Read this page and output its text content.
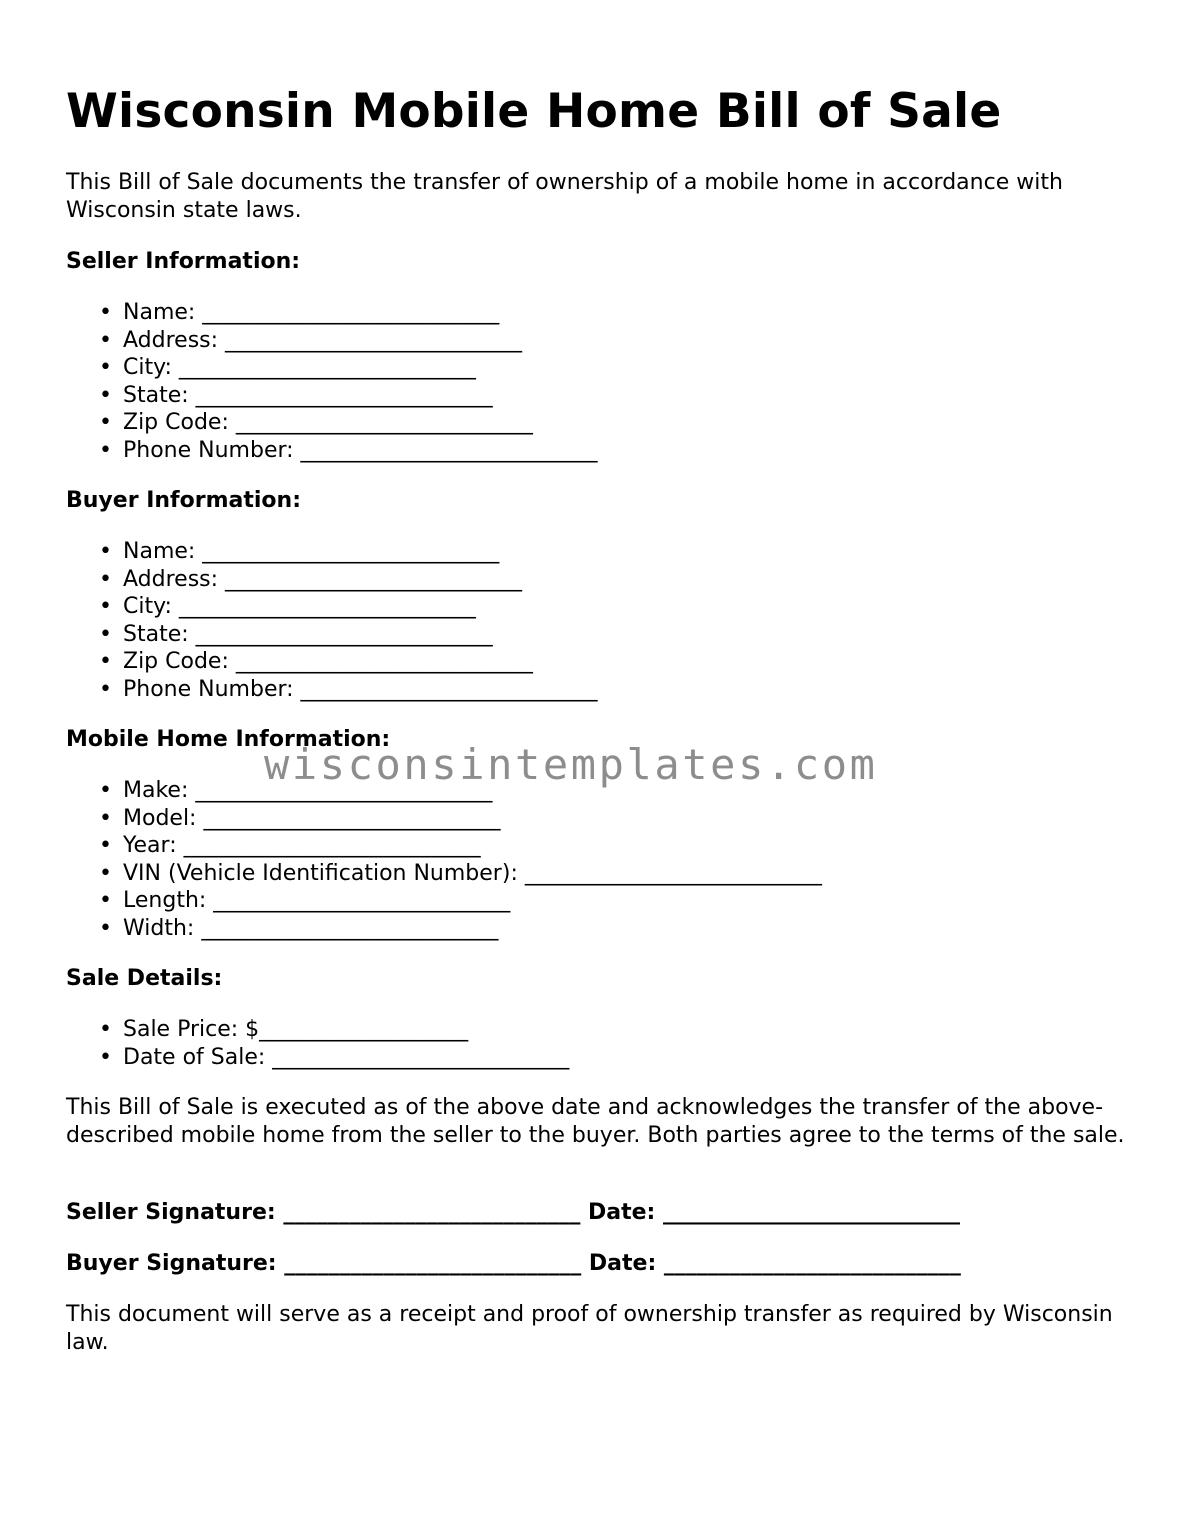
Wisconsin Mobile Home Bill of Sale

This Bill of Sale documents the transfer of ownership of a mobile home in accordance with Wisconsin state laws.

Seller Information:
• Name: ___________________________
• Address: ___________________________
• City: ___________________________
• State: ___________________________
• Zip Code: ___________________________
• Phone Number: ___________________________
Buyer Information:
• Name: ___________________________
• Address: ___________________________
• City: ___________________________
• State: ___________________________
• Zip Code: ___________________________
• Phone Number: ___________________________
Mobile Home Information:
• Make: ___________________________
• Model: ___________________________
• Year: ___________________________
• VIN (Vehicle Identification Number): ___________________________
• Length: ___________________________
• Width: ___________________________
Sale Details:
• Sale Price: $___________________
• Date of Sale: ___________________________

This Bill of Sale is executed as of the above date and acknowledges the transfer of the above-described mobile home from the seller to the buyer. Both parties agree to the terms of the sale.

Seller Signature: ___________________________ Date: ___________________________
Buyer Signature: ___________________________ Date: ___________________________

This document will serve as a receipt and proof of ownership transfer as required by Wisconsin law.

wisconsintemplates.com
